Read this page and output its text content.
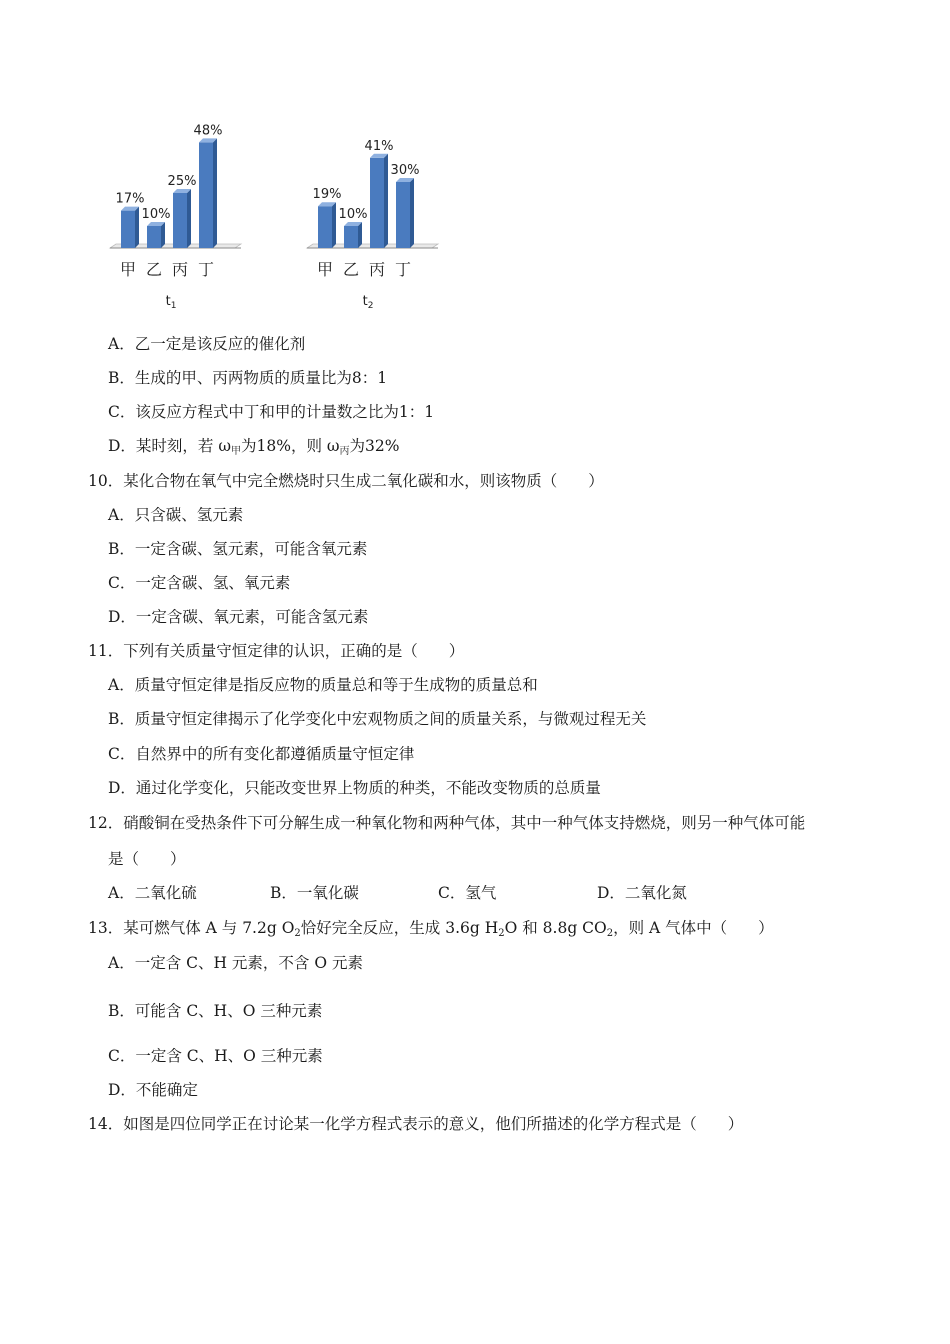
17%
甲
10%
乙
25%
丙
48%
丁
$t_1$
19%
甲
10%
乙
41%
丙
30%
丁
$t_2$
A．乙一定是该反应的催化剂
B．生成的甲、丙两物质的质量比为8：1
C．该反应方程式中丁和甲的计量数之比为1：1
D．某时刻，若 $\omega_甲$为18%，则 $\omega_丙$为32%
10．某化合物在氧气中完全燃烧时只生成二氧化碳和水，则该物质（　　）
A．只含碳、氢元素
B．一定含碳、氢元素，可能含氧元素
C．一定含碳、氢、氧元素
D．一定含碳、氧元素，可能含氢元素
11．下列有关质量守恒定律的认识，正确的是（　　）
A．质量守恒定律是指反应物的质量总和等于生成物的质量总和
B．质量守恒定律揭示了化学变化中宏观物质之间的质量关系，与微观过程无关
C．自然界中的所有变化都遵循质量守恒定律
D．通过化学变化，只能改变世界上物质的种类，不能改变物质的总质量
12．硝酸铜在受热条件下可分解生成一种氧化物和两种气体，其中一种气体支持燃烧，则另一种气体可能
是（　　）
A．二氧化硫	B．一氧化碳	C．氢气	D．二氧化氮
13．某可燃气体 A 与 7.2g $O_2$恰好完全反应，生成 3.6g $H_2O$ 和 8.8g $CO_2$，则 A 气体中（　　）
A．一定含 C、H 元素，不含 O 元素
B．可能含 C、H、O 三种元素
C．一定含 C、H、O 三种元素
D．不能确定
14．如图是四位同学正在讨论某一化学方程式表示的意义，他们所描述的化学方程式是（　　）
